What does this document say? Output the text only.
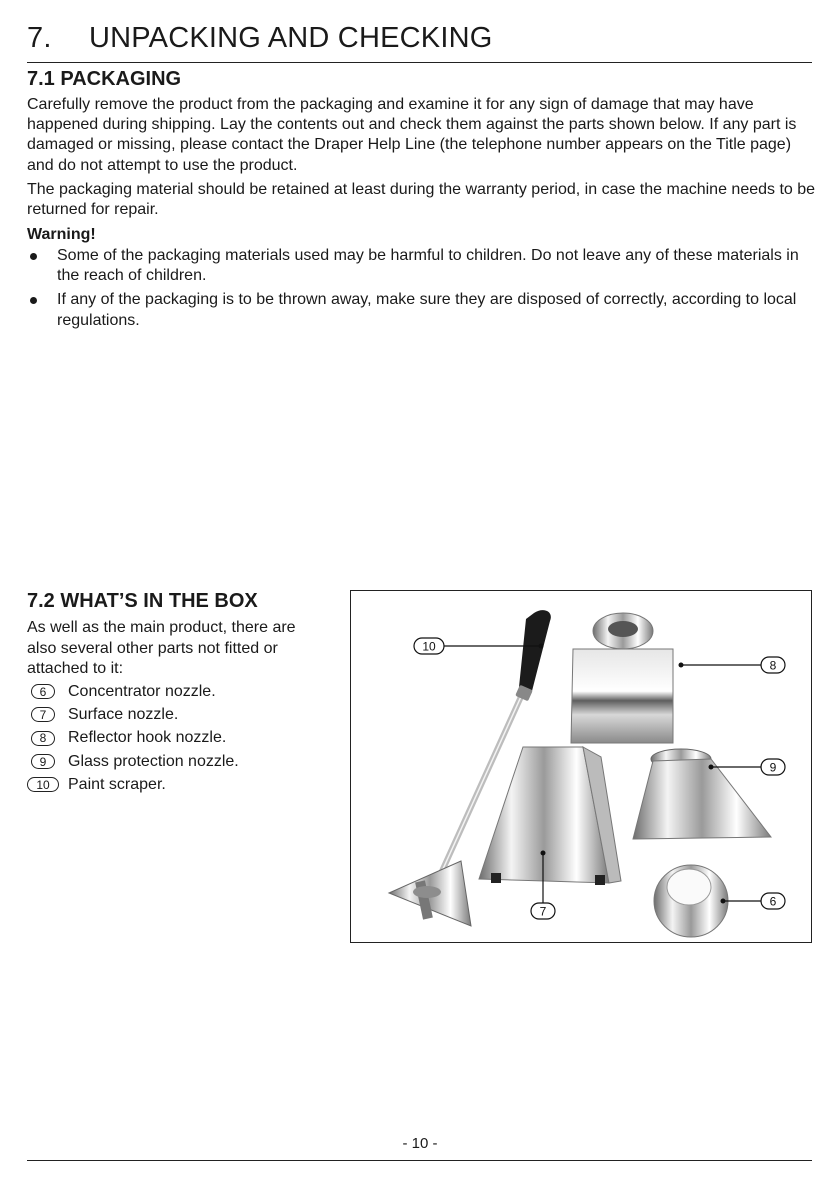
7. UNPACKING AND CHECKING
7.1 PACKAGING

Carefully remove the product from the packaging and examine it for any sign of damage that may have happened during shipping. Lay the contents out and check them against the parts shown below. If any part is damaged or missing, please contact the Draper Help Line (the telephone number appears on the Title page) and do not attempt to use the product.

The packaging material should be retained at least during the warranty period, in case the machine needs to be returned for repair.

Warning!
Some of the packaging materials used may be harmful to children. Do not leave any of these materials in the reach of children.
If any of the packaging is to be thrown away, make sure they are disposed of correctly, according to local regulations.
7.2 WHAT’S IN THE BOX

As well as the main product, there are also several other parts not fitted or attached to it:

6	Concentrator nozzle.
7	Surface nozzle.
8	Reflector hook nozzle.
9	Glass protection nozzle.
10	Paint scraper.
10
8
9
7
6
- 10 -
